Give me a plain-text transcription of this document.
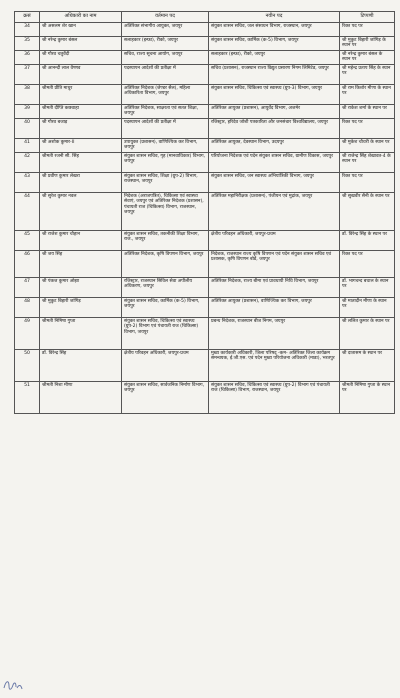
क्रसं	अधिकारी का नाम	वर्तमान पद	नवीन पद	टिप्पणी
34	श्री असलम शेर खान	अतिरिक्त संभागीय आयुक्त, जयपुर	संयुक्त शासन सचिव, जल संसाधन विभाग, राजस्थान, जयपुर	रिक्त पद पर
35	श्री नरेन्द्र कुमार बंसल	सलाहकार (इन्फ्रा), रीको, जयपुर	संयुक्त शासन सचिव, कार्मिक (क-5) विभाग, जयपुर	श्री मुकुट बिहारी जांगिड़ के स्थान पर
36	श्री गौरव चतुर्वेदी	सचिव, राज्य सूचना आयोग, जयपुर	सलाहकार (इन्फ्रा), रीको, जयपुर	श्री नरेन्द्र कुमार बंसल के स्थान पर
37	श्री आनन्दी लाल वैष्णव	पदस्थापन आदेशों की प्रतीक्षा में	सचिव (प्रशासन), राजस्थान राज्य विद्युत प्रसारण निगम लिमिटेड, जयपुर	श्री महेन्द्र प्रताप सिंह के स्थान पर
38	श्रीमती प्रीति माथुर	अतिरिक्त निदेशक (जेण्डर सैल), महिला अधिकारिता विभाग, जयपुर	संयुक्त शासन सचिव, चिकित्सा एवं स्वास्थ्य (ग्रुप-3) विभाग, जयपुर	श्री राम किशोर मीणा के स्थान पर
39	श्रीमती दीप्ति कछवाहा	अतिरिक्त निदेशक, साक्षरता एवं सतत शिक्षा, जयपुर	अतिरिक्त आयुक्त (प्रशासन), आयुर्वेद विभाग, अजमेर	श्री राकेश शर्मा के स्थान पर
40	श्री गौरव बजाड़	पदस्थापन आदेशों की प्रतीक्षा में	रजिस्ट्रार, हरिदेव जोशी पत्रकारिता और जनसंचार विश्वविद्यालय, जयपुर	रिक्त पद पर
41	श्री अशोक कुमार-II	उपायुक्त (प्रशासन), वाणिज्यिक कर विभाग, जयपुर	अतिरिक्त आयुक्त, देवस्थान विभाग, उदयपुर	श्री मुकेश चौधरी के स्थान पर
42	श्रीमती रजनी सी. सिंह	संयुक्त शासन सचिव, गृह (मानवाधिकार) विभाग, जयपुर	परियोजना निदेशक एवं पदेन संयुक्त शासन सचिव, ग्रामीण विकास, जयपुर	श्री राजेन्द्र सिंह शेखावत-4 के स्थान पर
43	श्री प्रवीण कुमार लेखरा	संयुक्त शासन सचिव, शिक्षा (ग्रुप-2) विभाग, राजस्थान, जयपुर	संयुक्त शासन सचिव, जन स्वास्थ्य अभियांत्रिकी विभाग, जयपुर	रिक्त पद पर
44	श्री सुरेश कुमार नवल	निदेशक (अराजपत्रित), चिकित्सा एवं स्वास्थ्य सेवाएं, जयपुर एवं अतिरिक्त निदेशक (प्रशासन), पंचायती राज (चिकित्सा) विभाग, राजस्थान, जयपुर	अतिरिक्त महानिरीक्षक (प्रशासन), पंजीयन एवं मुद्रांक, जयपुर	श्री सुखवीर सैनी के स्थान पर
45	श्री राजेश कुमार चौहान	संयुक्त शासन सचिव, तकनीकी शिक्षा विभाग, राज., जयपुर	क्षेत्रीय परिवहन अधिकारी, जयपुर-प्रथम	डॉ. विरेन्द्र सिंह के स्थान पर
46	श्री जय सिंह	अतिरिक्त निदेशक, कृषि विपणन विभाग, जयपुर	निदेशक, राजस्थान राज्य कृषि विपणन एवं पदेन संयुक्त शासन सचिव एवं प्रशासक, कृषि विपणन बोर्ड, जयपुर	रिक्त पद पर
47	श्री पंकज कुमार ओझा	रजिस्ट्रार, राजस्थान सिविल सेवा अपीलीय अधिकरण, जयपुर	अतिरिक्त निदेशक, राज्य बीमा एवं प्रावधायी निधि विभाग, जयपुर	डॉ. भागचन्द बधाल के स्थान पर
48	श्री मुकुट बिहारी जांगिड़	संयुक्त शासन सचिव, कार्मिक (क-5) विभाग, जयपुर	अतिरिक्त आयुक्त (प्रशासन), वाणिज्यिक कर विभाग, जयपुर	श्री मातादीन मीणा के स्थान पर
49	श्रीमती निमिषा गुप्ता	संयुक्त शासन सचिव, चिकित्सा एवं स्वास्थ्य (ग्रुप-2) विभाग एवं पंचायती राज (चिकित्सा) विभाग, जयपुर	प्रबन्ध निदेशक, राजस्थान बीज निगम, जयपुर	श्री ललित कुमार के स्थान पर
50	डॉ. विरेन्द्र सिंह	क्षेत्रीय परिवहन अधिकारी, जयपुर-प्रथम	मुख्य कार्यकारी अधिकारी, जिला परिषद् -कम- अतिरिक्त जिला कार्यक्रम समन्वयक, ई.जी.एस. एवं पदेन मुख्य परियोजना अधिकारी (माडा), भरतपुर	श्री दातासम के स्थान पर
51	श्रीमती निशा मीणा	संयुक्त शासन सचिव, सार्वजनिक निर्माण विभाग, जयपुर	संयुक्त शासन सचिव, चिकित्सा एवं स्वास्थ्य (ग्रुप-2) विभाग एवं पंचायती राज (चिकित्सा) विभाग, राजस्थान, जयपुर	श्रीमती निमिषा गुप्ता के स्थान पर
